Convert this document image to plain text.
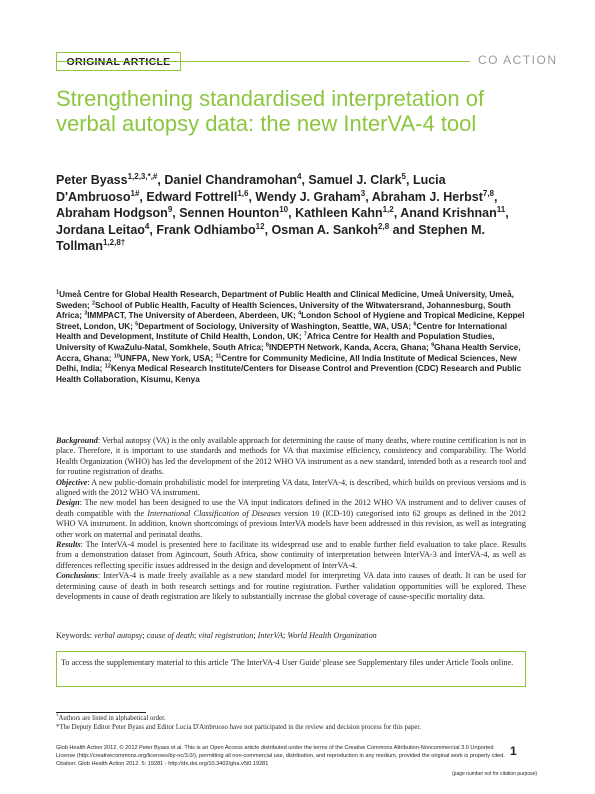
ORIGINAL ARTICLE	CO ACTION
Strengthening standardised interpretation of verbal autopsy data: the new InterVA-4 tool
Peter Byass$^{1,2,3,*,\#}$, Daniel Chandramohan$^4$, Samuel J. Clark$^5$, Lucia D'Ambruoso$^{1\#}$, Edward Fottrell$^{1,6}$, Wendy J. Graham$^3$, Abraham J. Herbst$^{7,8}$, Abraham Hodgson$^9$, Sennen Hounton$^{10}$, Kathleen Kahn$^{1,2}$, Anand Krishnan$^{11}$, Jordana Leitao$^4$, Frank Odhiambo$^{12}$, Osman A. Sankoh$^{2,8}$ and Stephen M. Tollman$^{1,2,8\dagger}$
$^1$Umeå Centre for Global Health Research, Department of Public Health and Clinical Medicine, Umeå University, Umeå, Sweden; $^2$School of Public Health, Faculty of Health Sciences, University of the Witwatersrand, Johannesburg, South Africa; $^3$IMMPACT, The University of Aberdeen, Aberdeen, UK; $^4$London School of Hygiene and Tropical Medicine, Keppel Street, London, UK; $^5$Department of Sociology, University of Washington, Seattle, WA, USA; $^6$Centre for International Health and Development, Institute of Child Health, London, UK; $^7$Africa Centre for Health and Population Studies, University of KwaZulu-Natal, Somkhele, South Africa; $^8$INDEPTH Network, Kanda, Accra, Ghana; $^9$Ghana Health Service, Accra, Ghana; $^{10}$UNFPA, New York, USA; $^{11}$Centre for Community Medicine, All India Institute of Medical Sciences, New Delhi, India; $^{12}$Kenya Medical Research Institute/Centers for Disease Control and Prevention (CDC) Research and Public Health Collaboration, Kisumu, Kenya

Background: Verbal autopsy (VA) is the only available approach for determining the cause of many deaths, where routine certification is not in place. Therefore, it is important to use standards and methods for VA that maximise efficiency, consistency and comparability. The World Health Organization (WHO) has led the development of the 2012 WHO VA instrument as a new standard, intended both as a research tool and for routine registration of deaths.

Objective: A new public-domain probabilistic model for interpreting VA data, InterVA-4, is described, which builds on previous versions and is aligned with the 2012 WHO VA instrument.

Design: The new model has been designed to use the VA input indicators defined in the 2012 WHO VA instrument and to deliver causes of death compatible with the International Classification of Diseases version 10 (ICD-10) categorised into 62 groups as defined in the 2012 WHO VA instrument. In addition, known shortcomings of previous InterVA models have been addressed in this revision, as well as integrating other work on maternal and perinatal deaths.

Results: The InterVA-4 model is presented here to facilitate its widespread use and to enable further field evaluation to take place. Results from a demonstration dataset from Agincourt, South Africa, show continuity of interpretation between InterVA-3 and InterVA-4, as well as differences reflecting specific issues addressed in the design and development of InterVA-4.

Conclusions: InterVA-4 is made freely available as a new standard model for interpreting VA data into causes of death. It can be used for determining cause of death in both research settings and for routine registration. Further validation opportunities will be explored. These developments in cause of death registration are likely to substantially increase the global coverage of cause-specific mortality data.

Keywords: verbal autopsy; cause of death; vital registration; InterVA; World Health Organization
To access the supplementary material to this article 'The InterVA-4 User Guide' please see Supplementary files under Article Tools online.
†Authors are listed in alphabetical order.
*The Deputy Editor Peter Byass and Editor Lucia D'Ambruoso have not participated in the review and decision process for this paper.
Glob Health Action 2012. © 2012 Peter Byass et al. This is an Open Access article distributed under the terms of the Creative Commons Attribution-Noncommercial 3.0 Unported License (http://creativecommons.org/licenses/by-nc/3.0/), permitting all non-commercial use, distribution, and reproduction in any medium, provided the original work is properly cited. Citation: Glob Health Action 2012. 5: 19281 - http://dx.doi.org/10.3402/gha.v5i0.19281
1
(page number not for citation purpose)
